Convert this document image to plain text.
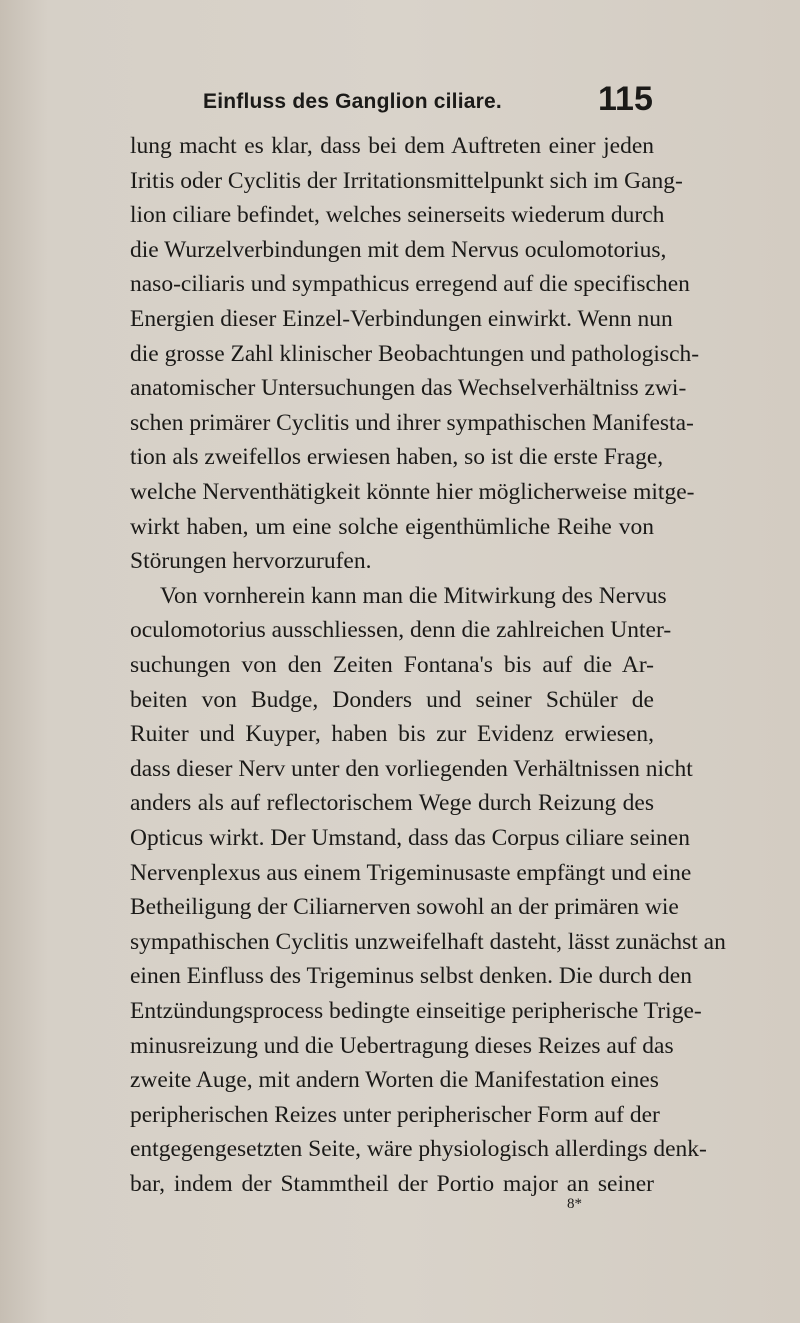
Einfluss des Ganglion ciliare.	115
lung macht es klar, dass bei dem Auftreten einer jeden
Iritis oder Cyclitis der Irritationsmittelpunkt sich im Gang-
lion ciliare befindet, welches seinerseits wiederum durch
die Wurzelverbindungen mit dem Nervus oculomotorius,
naso-ciliaris und sympathicus erregend auf die specifischen
Energien dieser Einzel-Verbindungen einwirkt. Wenn nun
die grosse Zahl klinischer Beobachtungen und pathologisch-
anatomischer Untersuchungen das Wechselverhältniss zwi-
schen primärer Cyclitis und ihrer sympathischen Manifesta-
tion als zweifellos erwiesen haben, so ist die erste Frage,
welche Nerventhätigkeit könnte hier möglicherweise mitge-
wirkt haben, um eine solche eigenthümliche Reihe von
Störungen hervorzurufen.
Von vornherein kann man die Mitwirkung des Nervus
oculomotorius ausschliessen, denn die zahlreichen Unter-
suchungen von den Zeiten Fontana's bis auf die Ar-
beiten von Budge, Donders und seiner Schüler de
Ruiter und Kuyper, haben bis zur Evidenz erwiesen,
dass dieser Nerv unter den vorliegenden Verhältnissen nicht
anders als auf reflectorischem Wege durch Reizung des
Opticus wirkt. Der Umstand, dass das Corpus ciliare seinen
Nervenplexus aus einem Trigeminusaste empfängt und eine
Betheiligung der Ciliarnerven sowohl an der primären wie
sympathischen Cyclitis unzweifelhaft dasteht, lässt zunächst an
einen Einfluss des Trigeminus selbst denken. Die durch den
Entzündungsprocess bedingte einseitige peripherische Trige-
minusreizung und die Uebertragung dieses Reizes auf das
zweite Auge, mit andern Worten die Manifestation eines
peripherischen Reizes unter peripherischer Form auf der
entgegengesetzten Seite, wäre physiologisch allerdings denk-
bar, indem der Stammtheil der Portio major an seiner
8*
